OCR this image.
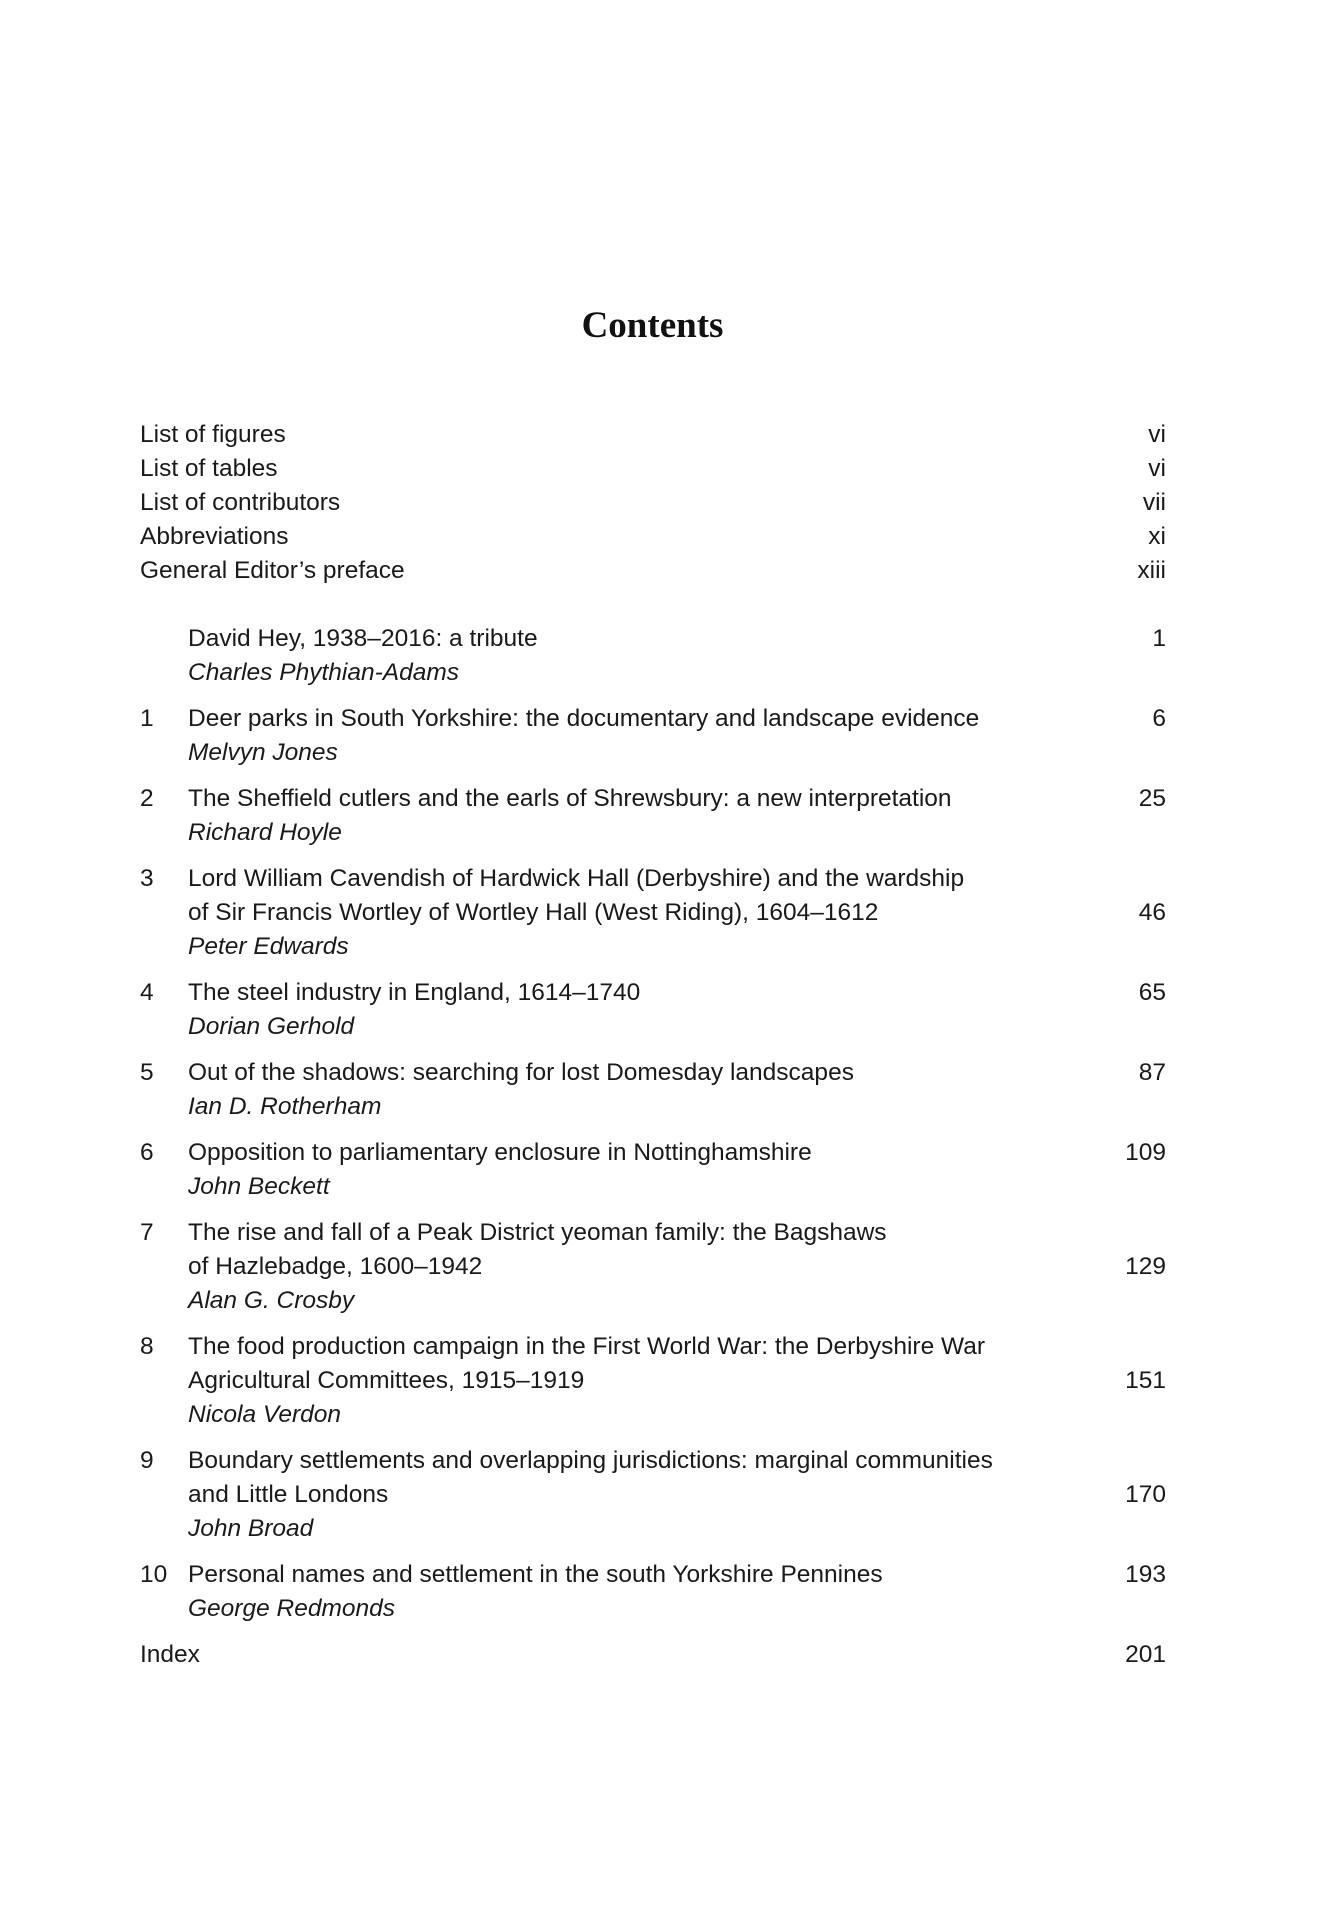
Contents
List of figures	vi
List of tables	vi
List of contributors	vii
Abbreviations	xi
General Editor’s preface	xiii
David Hey, 1938–2016: a tribute	1
Charles Phythian-Adams
1	Deer parks in South Yorkshire: the documentary and landscape evidence	6
Melvyn Jones
2	The Sheffield cutlers and the earls of Shrewsbury: a new interpretation	25
Richard Hoyle
3	Lord William Cavendish of Hardwick Hall (Derbyshire) and the wardship
of Sir Francis Wortley of Wortley Hall (West Riding), 1604–1612	46
Peter Edwards
4	The steel industry in England, 1614–1740	65
Dorian Gerhold
5	Out of the shadows: searching for lost Domesday landscapes	87
Ian D. Rotherham
6	Opposition to parliamentary enclosure in Nottinghamshire	109
John Beckett
7	The rise and fall of a Peak District yeoman family: the Bagshaws
of Hazlebadge, 1600–1942	129
Alan G. Crosby
8	The food production campaign in the First World War: the Derbyshire War
Agricultural Committees, 1915–1919	151
Nicola Verdon
9	Boundary settlements and overlapping jurisdictions: marginal communities
and Little Londons	170
John Broad
10 Personal names and settlement in the south Yorkshire Pennines	193
George Redmonds
Index	201
